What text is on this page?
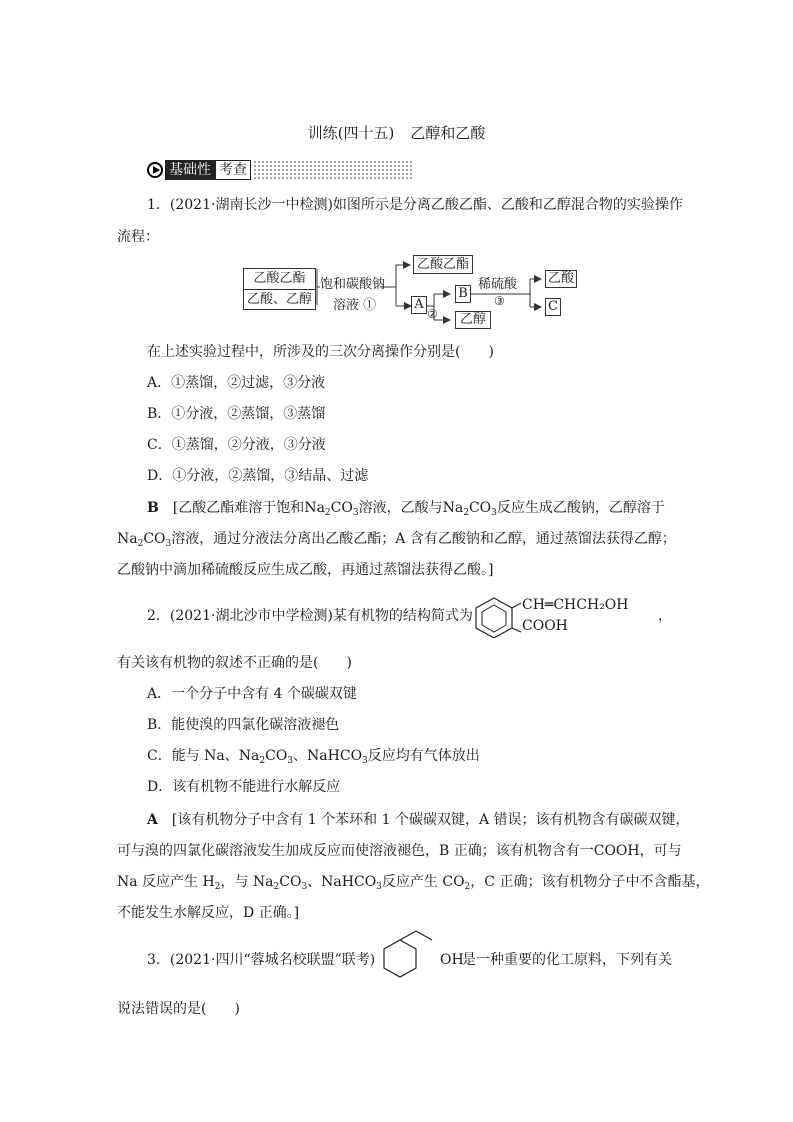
训练(四十五) 乙醇和乙酸
基础性 考查
1．(2021·湖南长沙一中检测)如图所示是分离乙酸乙酯、乙酸和乙醇混合物的实验操作
流程：
乙酸乙酯
乙酸、乙醇
饱和碳酸钠
溶液 ①
乙酸乙酯
A
②
B
乙醇
稀硫酸
③
乙酸
C
在上述实验过程中，所涉及的三次分离操作分别是(　　)
A．①蒸馏，②过滤，③分液
B．①分液，②蒸馏，③蒸馏
C．①蒸馏，②分液，③分液
D．①分液，②蒸馏，③结晶、过滤
B　 [乙酸乙酯难溶于饱和$Na_2CO_3$溶液，乙酸与$Na_2CO_3$反应生成乙酸钠，乙醇溶于
$Na_2CO_3$溶液，通过分液法分离出乙酸乙酯；A 含有乙酸钠和乙醇，通过蒸馏法获得乙醇；
乙酸钠中滴加稀硫酸反应生成乙酸，再通过蒸馏法获得乙酸。]
2．(2021·湖北沙市中学检测)某有机物的结构简式为
CH═CHCH₂OH
COOH
，
有关该有机物的叙述不正确的是(　　)
A．一个分子中含有 4 个碳碳双键
B．能使溴的四氯化碳溶液褪色
C．能与 Na、$Na_2CO_3$、NaHCO$_3$反应均有气体放出
D．该有机物不能进行水解反应
A　 [该有机物分子中含有 1 个苯环和 1 个碳碳双键，A 错误；该有机物含有碳碳双键，
可与溴的四氯化碳溶液发生加成反应而使溶液褪色，B 正确；该有机物含有一COOH，可与
Na 反应产生 $H_2$，与 $Na_2CO_3$、NaHCO$_3$反应产生 $CO_2$，C 正确；该有机物分子中不含酯基，
不能发生水解反应，D 正确。]
3．(2021·四川“蓉城名校联盟”联考)	OH
是一种重要的化工原料，下列有关
说法错误的是(　　)
